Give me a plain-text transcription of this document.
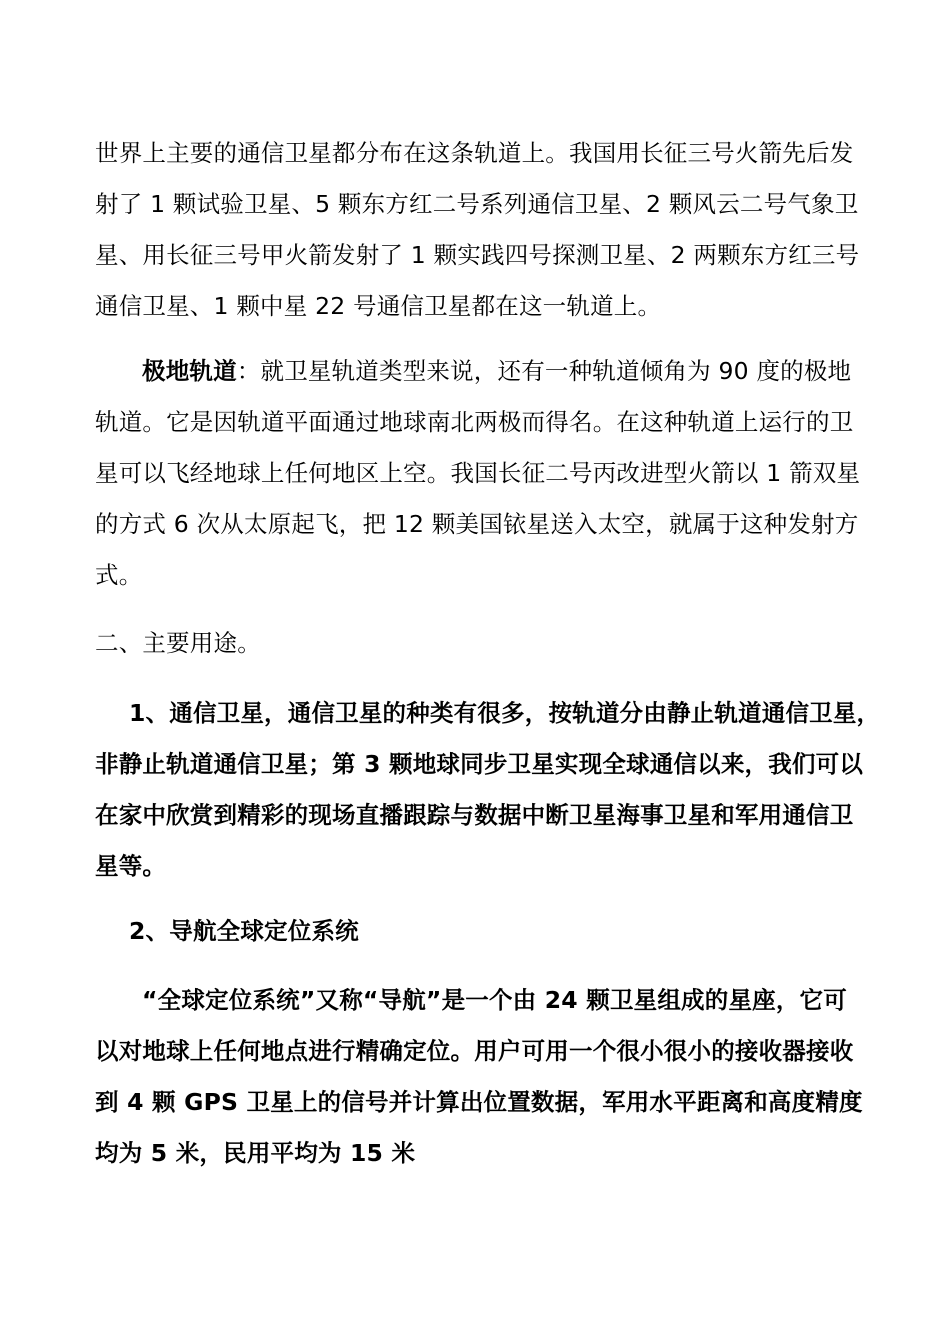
世界上主要的通信卫星都分布在这条轨道上。我国用长征三号火箭先后发
射了 1 颗试验卫星、5 颗东方红二号系列通信卫星、2 颗风云二号气象卫
星、用长征三号甲火箭发射了 1 颗实践四号探测卫星、2 两颗东方红三号
通信卫星、1 颗中星 22 号通信卫星都在这一轨道上。
极地轨道：就卫星轨道类型来说，还有一种轨道倾角为 90 度的极地
轨道。它是因轨道平面通过地球南北两极而得名。在这种轨道上运行的卫
星可以飞经地球上任何地区上空。我国长征二号丙改进型火箭以 1 箭双星
的方式 6 次从太原起飞，把 12 颗美国铱星送入太空，就属于这种发射方
式。
二、主要用途。
1、通信卫星，通信卫星的种类有很多，按轨道分由静止轨道通信卫星，
非静止轨道通信卫星；第 3 颗地球同步卫星实现全球通信以来，我们可以
在家中欣赏到精彩的现场直播跟踪与数据中断卫星海事卫星和军用通信卫
星等。
2、导航全球定位系统
“全球定位系统”又称“导航”是一个由 24 颗卫星组成的星座，它可
以对地球上任何地点进行精确定位。用户可用一个很小很小的接收器接收
到 4 颗 GPS 卫星上的信号并计算出位置数据，军用水平距离和高度精度
均为 5 米，民用平均为 15 米
